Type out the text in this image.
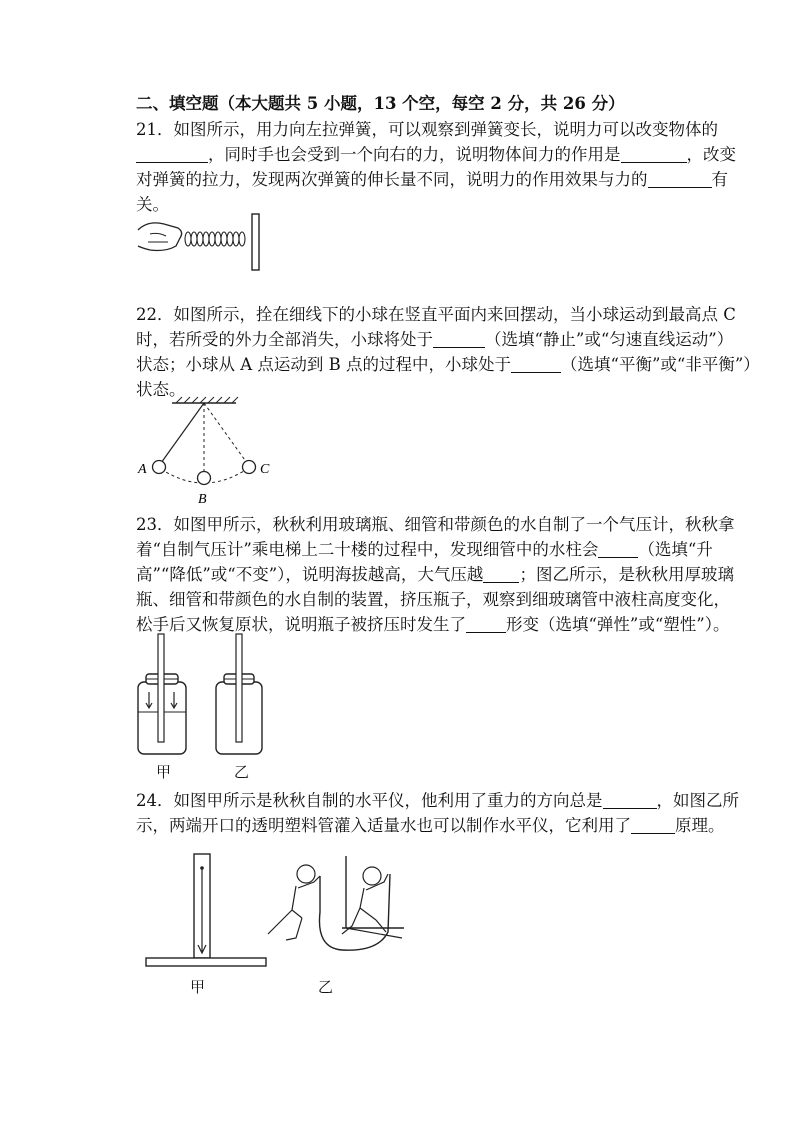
二、填空题（本大题共 5 小题，13 个空，每空 2 分，共 26 分）
21．如图所示，用力向左拉弹簧，可以观察到弹簧变长，说明力可以改变物体的
，同时手也会受到一个向右的力，说明物体间力的作用是	，改变
对弹簧的拉力，发现两次弹簧的伸长量不同，说明力的作用效果与力的	有
关。
22．如图所示，拴在细线下的小球在竖直平面内来回摆动，当小球运动到最高点 C
时，若所受的外力全部消失，小球将处于	（选填“静止”或“匀速直线运动”）
状态；小球从 A 点运动到 B 点的过程中，小球处于	（选填“平衡”或“非平衡”）
状态。
A
B
C
23．如图甲所示，秋秋利用玻璃瓶、细管和带颜色的水自制了一个气压计，秋秋拿
着“自制气压计”乘电梯上二十楼的过程中，发现细管中的水柱会 （选填“升
高”“降低”或“不变”），说明海拔越高，大气压越 ；图乙所示，是秋秋用厚玻璃
瓶、细管和带颜色的水自制的装置，挤压瓶子，观察到细玻璃管中液柱高度变化，
松手后又恢复原状，说明瓶子被挤压时发生了 形变（选填“弹性”或“塑性”）。
甲	乙
24．如图甲所示是秋秋自制的水平仪，他利用了重力的方向总是	，如图乙所
示，两端开口的透明塑料管灌入适量水也可以制作水平仪，它利用了	原理。
甲	乙
